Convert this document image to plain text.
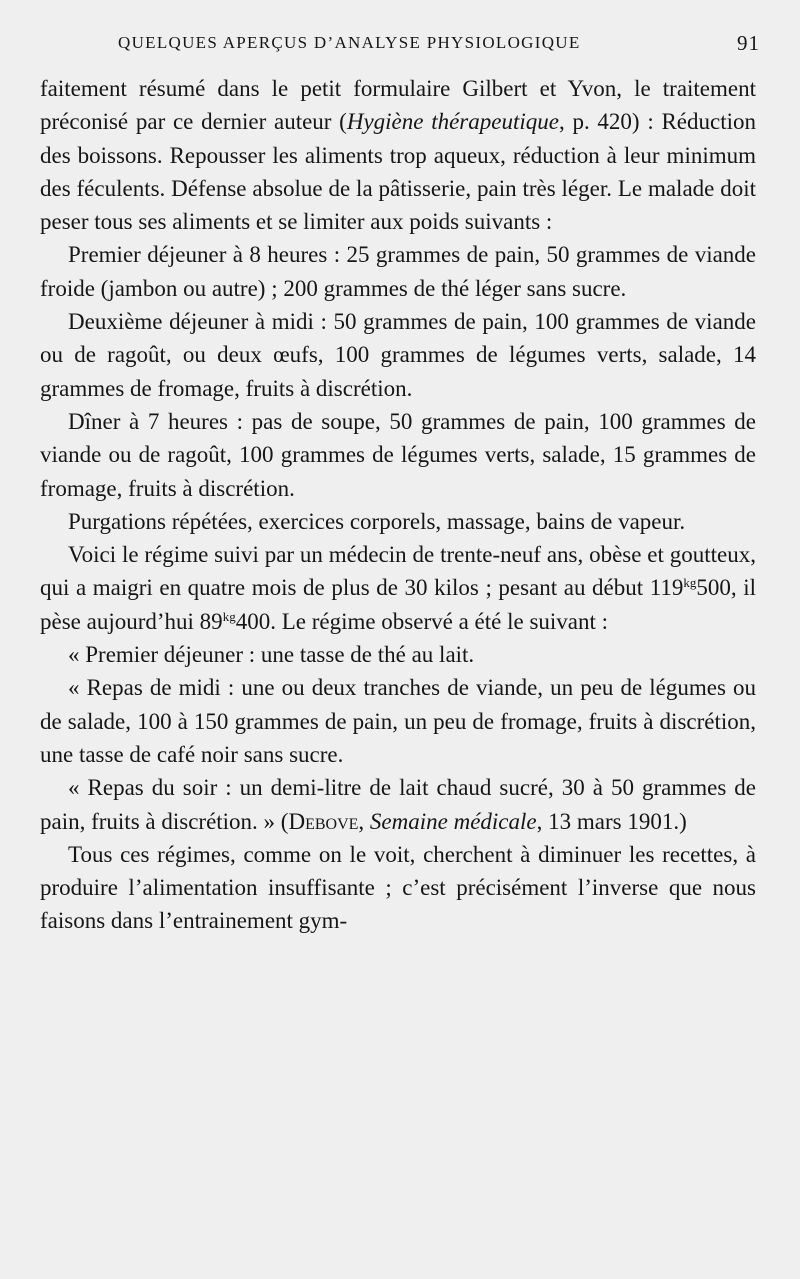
QUELQUES APERÇUS D’ANALYSE PHYSIOLOGIQUE	91

faitement résumé dans le petit formulaire Gilbert et Yvon, le traitement préconisé par ce dernier auteur (Hygiène thérapeutique, p. 420) : Réduction des boissons. Repousser les aliments trop aqueux, réduction à leur minimum des féculents. Défense absolue de la pâtisserie, pain très léger. Le malade doit peser tous ses aliments et se limiter aux poids suivants :

Premier déjeuner à 8 heures : 25 grammes de pain, 50 grammes de viande froide (jambon ou autre) ; 200 grammes de thé léger sans sucre.

Deuxième déjeuner à midi : 50 grammes de pain, 100 grammes de viande ou de ragoût, ou deux œufs, 100 grammes de légumes verts, salade, 14 grammes de fromage, fruits à discrétion.

Dîner à 7 heures : pas de soupe, 50 grammes de pain, 100 grammes de viande ou de ragoût, 100 grammes de légumes verts, salade, 15 grammes de fromage, fruits à discrétion.

Purgations répétées, exercices corporels, massage, bains de vapeur.

Voici le régime suivi par un médecin de trente-neuf ans, obèse et goutteux, qui a maigri en quatre mois de plus de 30 kilos ; pesant au début $119^{kg}500$, il pèse aujourd’hui $89^{kg}400$. Le régime observé a été le suivant :

« Premier déjeuner : une tasse de thé au lait.

« Repas de midi : une ou deux tranches de viande, un peu de légumes ou de salade, 100 à 150 grammes de pain, un peu de fromage, fruits à discrétion, une tasse de café noir sans sucre.

« Repas du soir : un demi-litre de lait chaud sucré, 30 à 50 grammes de pain, fruits à discrétion. » (Debove, Semaine médicale, 13 mars 1901.)

Tous ces régimes, comme on le voit, cherchent à diminuer les recettes, à produire l’alimentation insuffisante ; c’est précisément l’inverse que nous faisons dans l’entrainement gym-
